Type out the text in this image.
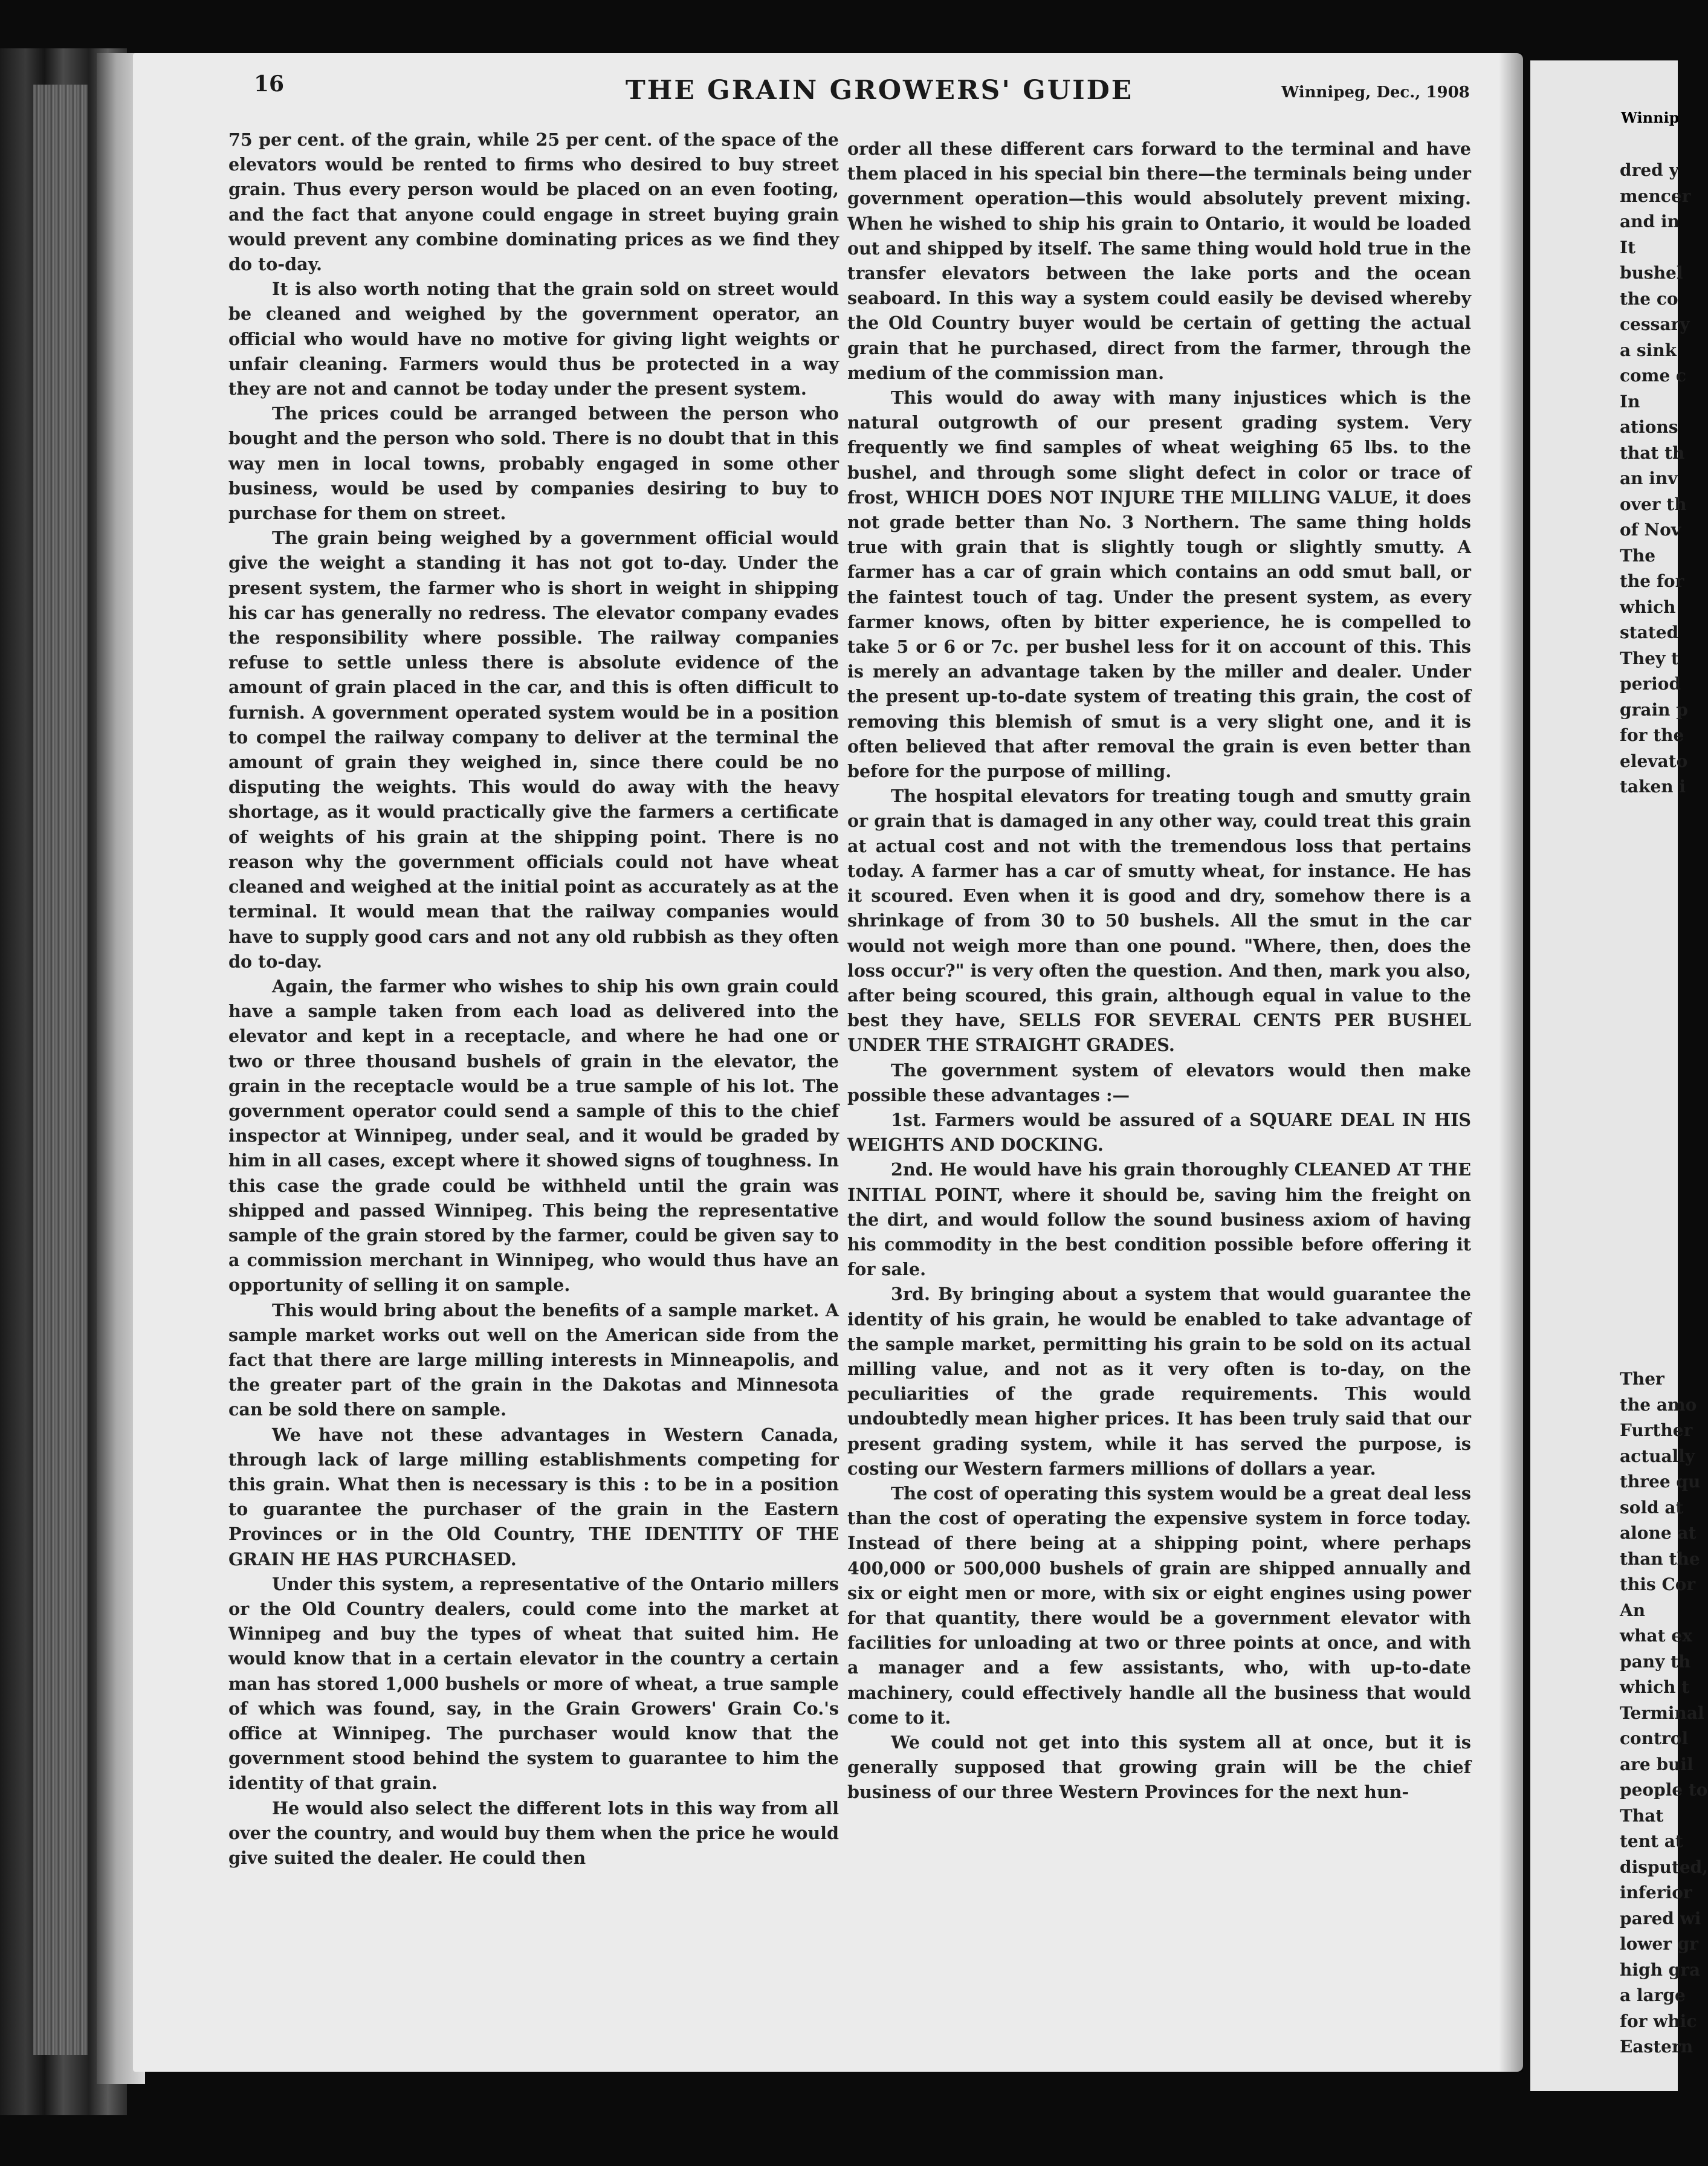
16	THE GRAIN GROWERS' GUIDE	Winnipeg, Dec., 1908

75 per cent. of the grain, while 25 per cent. of the space of the elevators would be rented to firms who desired to buy street grain. Thus every person would be placed on an even footing, and the fact that anyone could engage in street buying grain would prevent any combine dominating prices as we find they do to-day.

It is also worth noting that the grain sold on street would be cleaned and weighed by the government operator, an official who would have no motive for giving light weights or unfair cleaning. Farmers would thus be protected in a way they are not and cannot be today under the present system.

The prices could be arranged between the person who bought and the person who sold. There is no doubt that in this way men in local towns, probably engaged in some other business, would be used by companies desiring to buy to purchase for them on street.

The grain being weighed by a government official would give the weight a standing it has not got to-day. Under the present system, the farmer who is short in weight in shipping his car has generally no redress. The elevator company evades the responsibility where possible. The railway companies refuse to settle unless there is absolute evidence of the amount of grain placed in the car, and this is often difficult to furnish. A government operated system would be in a position to compel the railway company to deliver at the terminal the amount of grain they weighed in, since there could be no disputing the weights. This would do away with the heavy shortage, as it would practically give the farmers a certificate of weights of his grain at the shipping point. There is no reason why the government officials could not have wheat cleaned and weighed at the initial point as accurately as at the terminal. It would mean that the railway companies would have to supply good cars and not any old rubbish as they often do to-day.

Again, the farmer who wishes to ship his own grain could have a sample taken from each load as delivered into the elevator and kept in a receptacle, and where he had one or two or three thousand bushels of grain in the elevator, the grain in the receptacle would be a true sample of his lot. The government operator could send a sample of this to the chief inspector at Winnipeg, under seal, and it would be graded by him in all cases, except where it showed signs of toughness. In this case the grade could be withheld until the grain was shipped and passed Winnipeg. This being the representative sample of the grain stored by the farmer, could be given say to a commission merchant in Winnipeg, who would thus have an opportunity of selling it on sample.

This would bring about the benefits of a sample market. A sample market works out well on the American side from the fact that there are large milling interests in Minneapolis, and the greater part of the grain in the Dakotas and Minnesota can be sold there on sample.

We have not these advantages in Western Canada, through lack of large milling establishments competing for this grain. What then is necessary is this : to be in a position to guarantee the purchaser of the grain in the Eastern Provinces or in the Old Country, THE IDENTITY OF THE GRAIN HE HAS PURCHASED.

Under this system, a representative of the Ontario millers or the Old Country dealers, could come into the market at Winnipeg and buy the types of wheat that suited him. He would know that in a certain elevator in the country a certain man has stored 1,000 bushels or more of wheat, a true sample of which was found, say, in the Grain Growers' Grain Co.'s office at Winnipeg. The purchaser would know that the government stood behind the system to guarantee to him the identity of that grain.

He would also select the different lots in this way from all over the country, and would buy them when the price he would give suited the dealer. He could then

order all these different cars forward to the terminal and have them placed in his special bin there—the terminals being under government operation—this would absolutely prevent mixing. When he wished to ship his grain to Ontario, it would be loaded out and shipped by itself. The same thing would hold true in the transfer elevators between the lake ports and the ocean seaboard. In this way a system could easily be devised whereby the Old Country buyer would be certain of getting the actual grain that he purchased, direct from the farmer, through the medium of the commission man.

This would do away with many injustices which is the natural outgrowth of our present grading system. Very frequently we find samples of wheat weighing 65 lbs. to the bushel, and through some slight defect in color or trace of frost, WHICH DOES NOT INJURE THE MILLING VALUE, it does not grade better than No. 3 Northern. The same thing holds true with grain that is slightly tough or slightly smutty. A farmer has a car of grain which contains an odd smut ball, or the faintest touch of tag. Under the present system, as every farmer knows, often by bitter experience, he is compelled to take 5 or 6 or 7c. per bushel less for it on account of this. This is merely an advantage taken by the miller and dealer. Under the present up-to-date system of treating this grain, the cost of removing this blemish of smut is a very slight one, and it is often believed that after removal the grain is even better than before for the purpose of milling.

The hospital elevators for treating tough and smutty grain or grain that is damaged in any other way, could treat this grain at actual cost and not with the tremendous loss that pertains today. A farmer has a car of smutty wheat, for instance. He has it scoured. Even when it is good and dry, somehow there is a shrinkage of from 30 to 50 bushels. All the smut in the car would not weigh more than one pound. "Where, then, does the loss occur?" is very often the question. And then, mark you also, after being scoured, this grain, although equal in value to the best they have, SELLS FOR SEVERAL CENTS PER BUSHEL UNDER THE STRAIGHT GRADES.

The government system of elevators would then make possible these advantages :—

1st. Farmers would be assured of a SQUARE DEAL IN HIS WEIGHTS AND DOCKING.

2nd. He would have his grain thoroughly CLEANED AT THE INITIAL POINT, where it should be, saving him the freight on the dirt, and would follow the sound business axiom of having his commodity in the best condition possible before offering it for sale.

3rd. By bringing about a system that would guarantee the identity of his grain, he would be enabled to take advantage of the sample market, permitting his grain to be sold on its actual milling value, and not as it very often is to-day, on the peculiarities of the grade requirements. This would undoubtedly mean higher prices. It has been truly said that our present grading system, while it has served the purpose, is costing our Western farmers millions of dollars a year.

The cost of operating this system would be a great deal less than the cost of operating the expensive system in force today. Instead of there being at a shipping point, where perhaps 400,000 or 500,000 bushels of grain are shipped annually and six or eight men or more, with six or eight engines using power for that quantity, there would be a government elevator with facilities for unloading at two or three points at once, and with a manager and a few assistants, who, with up-to-date machinery, could effectively handle all the business that would come to it.

We could not get into this system all at once, but it is generally supposed that growing grain will be the chief business of our three Western Provinces for the next hun-

Winnip
dred y
mencer
and in
It
bushel
the co
cessary
a sink
come c
In
ations
that th
an inv
over th
of Nov
The
the for
which
stated
They t
period
grain p
for the
elevato
taken i
Ther
the amo
Further
actually
three qu
sold at
alone at
than the
this Cor
An
what ex
pany th
which t
Terminal
control
are buil
people to
That
tent at
disputed,
inferior
pared wi
lower gr
high gra
a large
for whic
Eastern
